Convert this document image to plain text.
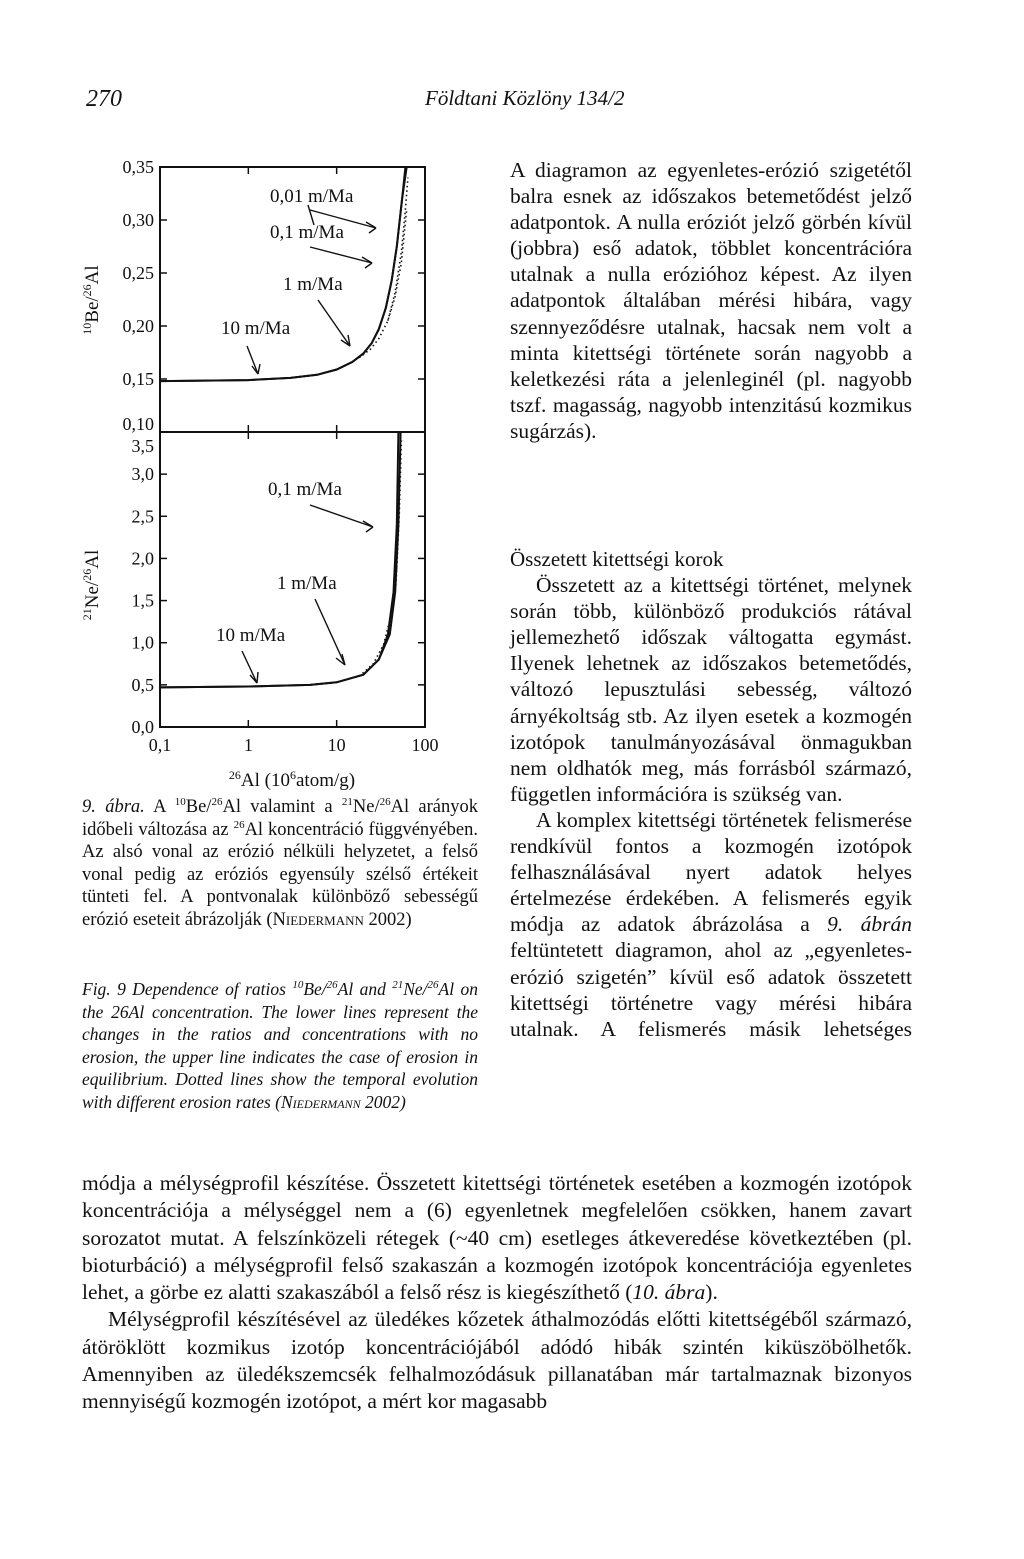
270	Földtani Közlöny 134/2
0,35
0,30
0,25
0,20
0,15
0,10
$^{10}$Be/$^{26}$Al
0,01 m/Ma
0,1 m/Ma
1 m/Ma
10 m/Ma
3,5
3,0
2,5
2,0
1,5
1,0
0,5
0,0
0,1	1	10	100
$^{21}$Ne/$^{26}$Al
$^{26}$Al $(10^6atom/g)$
0,1 m/Ma
1 m/Ma
10 m/Ma
9. ábra. A $^{10}$Be/$^{26}$Al valamint a $^{21}$Ne/$^{26}$Al arányok időbeli változása az $^{26}$Al koncentráció függvényében. Az alsó vonal az erózió nélküli helyzetet, a felső vonal pedig az eróziós egyensúly szélső értékeit tünteti fel. A pontvonalak különböző sebességű erózió eseteit ábrázolják (Niedermann 2002)
Fig. 9 Dependence of ratios $^{10}$Be/$^{26}$Al and $^{21}$Ne/$^{26}$Al on the 26Al concentration. The lower lines represent the changes in the ratios and concentrations with no erosion, the upper line indicates the case of erosion in equilibrium. Dotted lines show the temporal evolution with different erosion rates (Niedermann 2002)

A diagramon az egyenletes-erózió szigetétől balra esnek az időszakos betemetődést jelző adatpontok. A nulla eróziót jelző görbén kívül (jobbra) eső adatok, többlet koncentrációra utalnak a nulla erózióhoz képest. Az ilyen adatpontok általában mérési hibára, vagy szennyeződésre utalnak, hacsak nem volt a minta kitettségi története során nagyobb a keletkezési ráta a jelenleginél (pl. nagyobb tszf. magasság, nagyobb intenzitású kozmikus sugárzás).

Összetett kitettségi korok

Összetett az a kitettségi történet, melynek során több, különböző produkciós rátával jellemezhető időszak váltogatta egymást. Ilyenek lehetnek az időszakos betemetődés, változó lepusztulási sebesség, változó árnyékoltság stb. Az ilyen esetek a kozmogén izotópok tanulmányozásával önmagukban nem oldhatók meg, más forrásból származó, független információra is szükség van.

A komplex kitettségi történetek felismerése rendkívül fontos a kozmogén izotópok felhasználásával nyert adatok helyes értelmezése érdekében. A felismerés egyik módja az adatok ábrázolása a 9. ábrán feltüntetett diagramon, ahol az „egyenletes-erózió szigetén” kívül eső adatok összetett kitettségi történetre vagy mérési hibára utalnak. A felismerés másik lehetséges

módja a mélységprofil készítése. Összetett kitettségi történetek esetében a kozmogén izotópok koncentrációja a mélységgel nem a (6) egyenletnek megfelelően csökken, hanem zavart sorozatot mutat. A felszínközeli rétegek (~40 cm) esetleges átkeveredése következtében (pl. bioturbáció) a mélységprofil felső szakaszán a kozmogén izotópok koncentrációja egyenletes lehet, a görbe ez alatti szakaszából a felső rész is kiegészíthető (10. ábra).

Mélységprofil készítésével az üledékes kőzetek áthalmozódás előtti kitettségéből származó, átöröklött kozmikus izotóp koncentrációjából adódó hibák szintén kiküszöbölhetők. Amennyiben az üledékszemcsék felhalmozódásuk pillanatában már tartalmaznak bizonyos mennyiségű kozmogén izotópot, a mért kor magasabb
